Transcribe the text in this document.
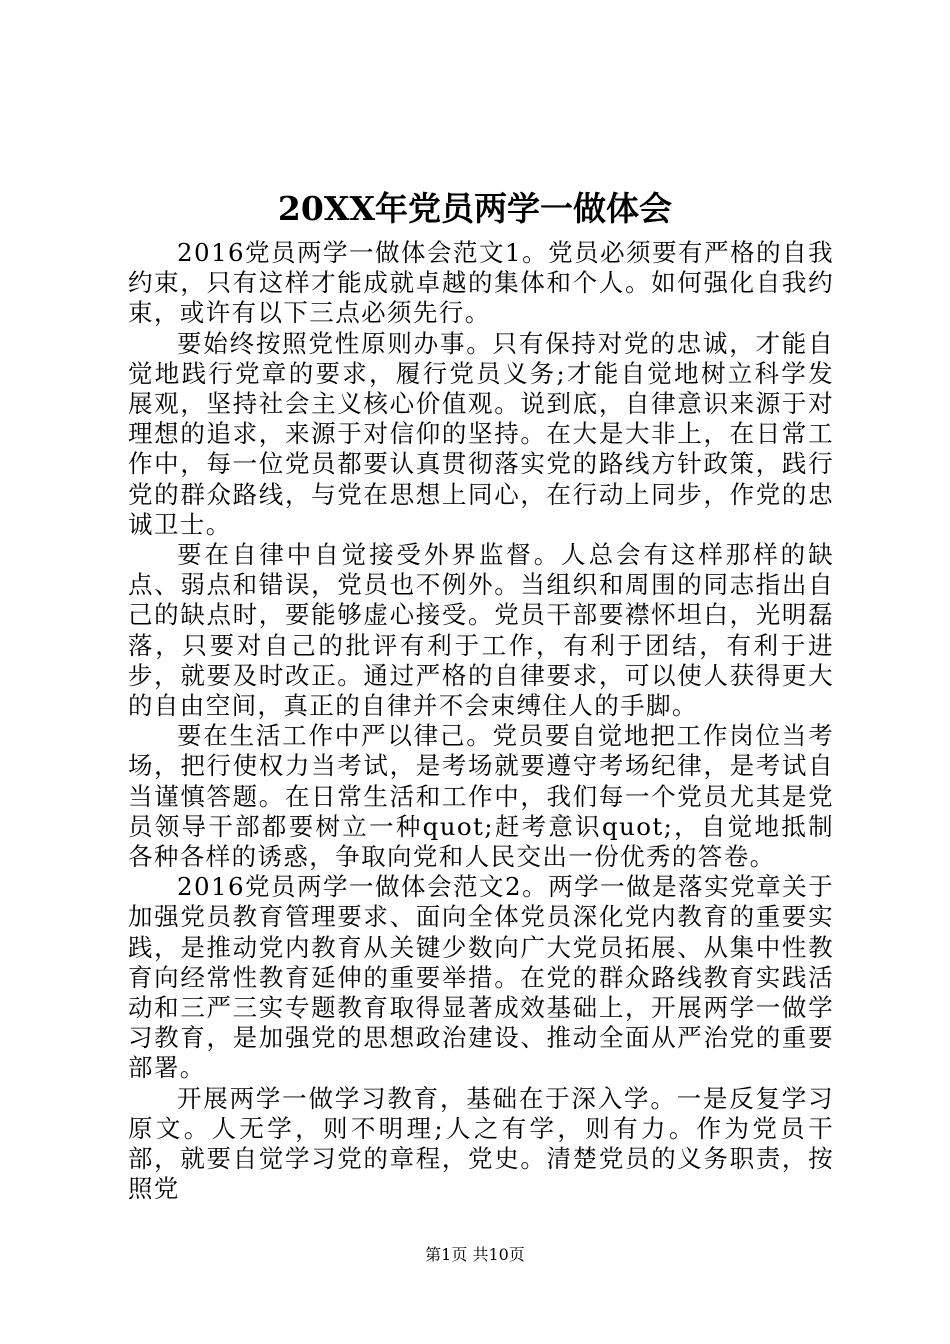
20XX年党员两学一做体会

2016党员两学一做体会范文1。党员必须要有严格的自我约束，只有这样才能成就卓越的集体和个人。如何强化自我约束，或许有以下三点必须先行。

要始终按照党性原则办事。只有保持对党的忠诚，才能自觉地践行党章的要求，履行党员义务;才能自觉地树立科学发展观，坚持社会主义核心价值观。说到底，自律意识来源于对理想的追求，来源于对信仰的坚持。在大是大非上，在日常工作中，每一位党员都要认真贯彻落实党的路线方针政策，践行党的群众路线，与党在思想上同心，在行动上同步，作党的忠诚卫士。

要在自律中自觉接受外界监督。人总会有这样那样的缺点、弱点和错误，党员也不例外。当组织和周围的同志指出自己的缺点时，要能够虚心接受。党员干部要襟怀坦白，光明磊落，只要对自己的批评有利于工作，有利于团结，有利于进步，就要及时改正。通过严格的自律要求，可以使人获得更大的自由空间，真正的自律并不会束缚住人的手脚。

要在生活工作中严以律己。党员要自觉地把工作岗位当考场，把行使权力当考试，是考场就要遵守考场纪律，是考试自当谨慎答题。在日常生活和工作中，我们每一个党员尤其是党员领导干部都要树立一种quot;赶考意识quot;，自觉地抵制各种各样的诱惑，争取向党和人民交出一份优秀的答卷。

2016党员两学一做体会范文2。两学一做是落实党章关于加强党员教育管理要求、面向全体党员深化党内教育的重要实践，是推动党内教育从关键少数向广大党员拓展、从集中性教育向经常性教育延伸的重要举措。在党的群众路线教育实践活动和三严三实专题教育取得显著成效基础上，开展两学一做学习教育，是加强党的思想政治建设、推动全面从严治党的重要部署。

开展两学一做学习教育，基础在于深入学。一是反复学习原文。人无学，则不明理;人之有学，则有力。作为党员干部，就要自觉学习党的章程，党史。清楚党员的义务职责，按照党

第1页 共10页
